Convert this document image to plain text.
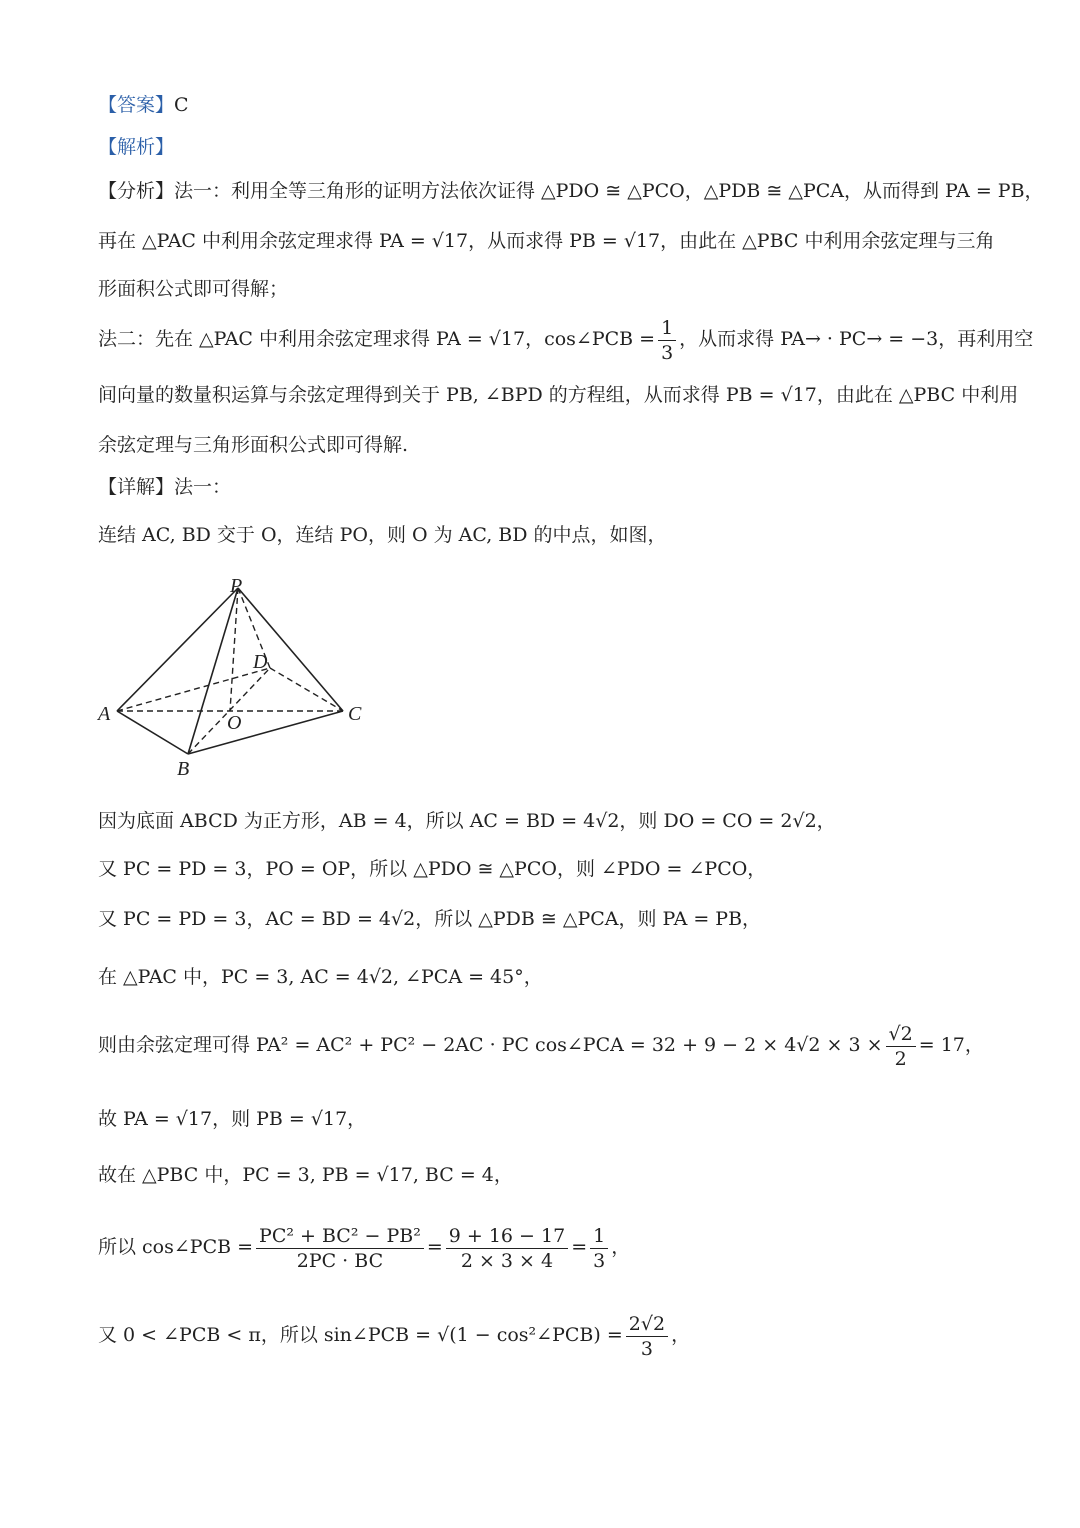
【答案】C
【解析】
【分析】法一：利用全等三角形的证明方法依次证得 △PDO ≅ △PCO，△PDB ≅ △PCA，从而得到 PA = PB，
再在 △PAC 中利用余弦定理求得 PA = √17，从而求得 PB = √17，由此在 △PBC 中利用余弦定理与三角
形面积公式即可得解；
法二：先在 △PAC 中利用余弦定理求得 PA = √17，cos∠PCB = $\frac{1}{3}$ ，从而求得 PA→ · PC→ = −3，再利用空
间向量的数量积运算与余弦定理得到关于 PB, ∠BPD 的方程组，从而求得 PB = √17，由此在 △PBC 中利用
余弦定理与三角形面积公式即可得解.
【详解】法一：
连结 AC, BD 交于 O，连结 PO，则 O 为 AC, BD 的中点，如图，
P
D
A	O	C
B
因为底面 ABCD 为正方形，AB = 4，所以 AC = BD = 4√2，则 DO = CO = 2√2，
又 PC = PD = 3，PO = OP，所以 △PDO ≅ △PCO，则 ∠PDO = ∠PCO，
又 PC = PD = 3，AC = BD = 4√2，所以 △PDB ≅ △PCA，则 PA = PB，
在 △PAC 中，PC = 3, AC = 4√2, ∠PCA = 45°，
则由余弦定理可得 PA² = AC² + PC² − 2AC · PC cos∠PCA = $32 + 9 - 2 \times 4√2 \times 3 \times \frac{√2}{2} = 17$，
故 PA = √17，则 PB = √17，
故在 △PBC 中，PC = 3, PB = √17, BC = 4，
所以 cos∠PCB = $\frac{\text{PC² + BC² − PB²}}{2PC \cdot BC} = \frac{9 + 16 - 17}{2 \times 3 \times 4} = \frac{1}{3}$ ，
又 0 < ∠PCB < π，所以 sin∠PCB = √(1 − cos²∠PCB) = $\frac{2√2}{3}$ ，
